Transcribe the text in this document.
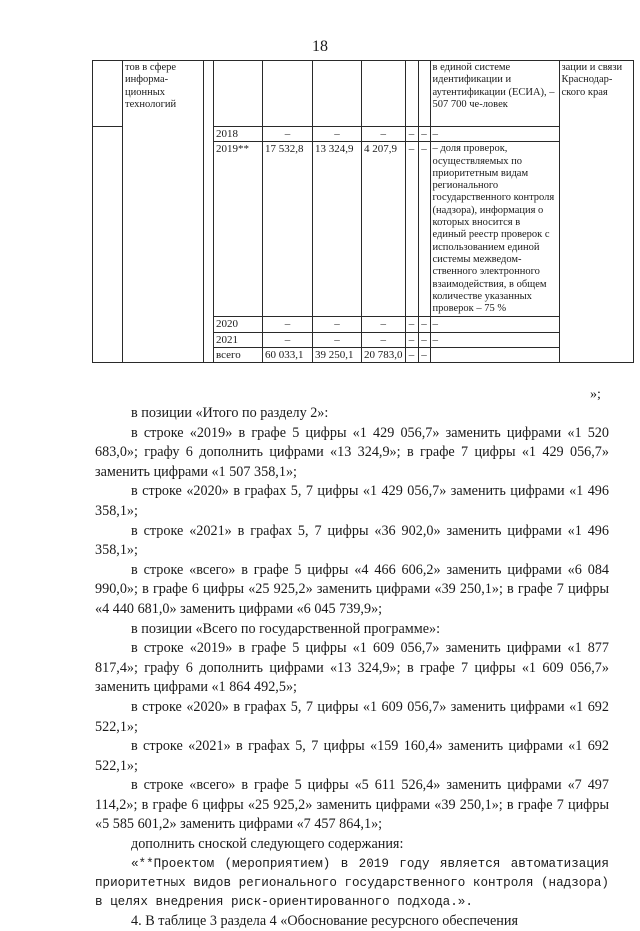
18
	тов в сфере информа-ционных технологий								в единой системе идентификации и аутентификации (ЕСИА), – 507 700 че-ловек	зации и связи Краснодар-ского края
			2018	–	–	–	–	–	–	
			2019**	17 532,8	13 324,9	4 207,9	–	–	– доля проверок, осуществляемых по приоритетным видам регионального государственного контроля (надзора), информация о которых вносится в единый реестр проверок с использованием единой системы межведом-ственного электронного взаимодействия, в общем количестве указанных проверок – 75 %	
			2020	–	–	–	–	–	–	
			2021	–	–	–	–	–	–	
			всего	60 033,1	39 250,1	20 783,0	–	–		
»;

в позиции «Итого по разделу 2»:

в строке «2019» в графе 5 цифры «1 429 056,7» заменить цифрами «1 520 683,0»; графу 6 дополнить цифрами «13 324,9»; в графе 7 цифры «1 429 056,7» заменить цифрами «1 507 358,1»;

в строке «2020» в графах 5, 7 цифры «1 429 056,7» заменить цифрами «1 496 358,1»;

в строке «2021» в графах 5, 7 цифры «36 902,0» заменить цифрами «1 496 358,1»;

в строке «всего» в графе 5 цифры «4 466 606,2» заменить цифрами «6 084 990,0»; в графе 6 цифры «25 925,2» заменить цифрами «39 250,1»; в графе 7 цифры «4 440 681,0» заменить цифрами «6 045 739,9»;

в позиции «Всего по государственной программе»:

в строке «2019» в графе 5 цифры «1 609 056,7» заменить цифрами «1 877 817,4»; графу 6 дополнить цифрами «13 324,9»; в графе 7 цифры «1 609 056,7» заменить цифрами «1 864 492,5»;

в строке «2020» в графах 5, 7 цифры «1 609 056,7» заменить цифрами «1 692 522,1»;

в строке «2021» в графах 5, 7 цифры «159 160,4» заменить цифрами «1 692 522,1»;

в строке «всего» в графе 5 цифры «5 611 526,4» заменить цифрами «7 497 114,2»; в графе 6 цифры «25 925,2» заменить цифрами «39 250,1»; в графе 7 цифры «5 585 601,2» заменить цифрами «7 457 864,1»;

дополнить сноской следующего содержания:

«**Проектом (мероприятием) в 2019 году является автоматизация приоритетных видов регионального государственного контроля (надзора) в целях внедрения риск-ориентированного подхода.».

4. В таблице 3 раздела 4 «Обоснование ресурсного обеспечения
